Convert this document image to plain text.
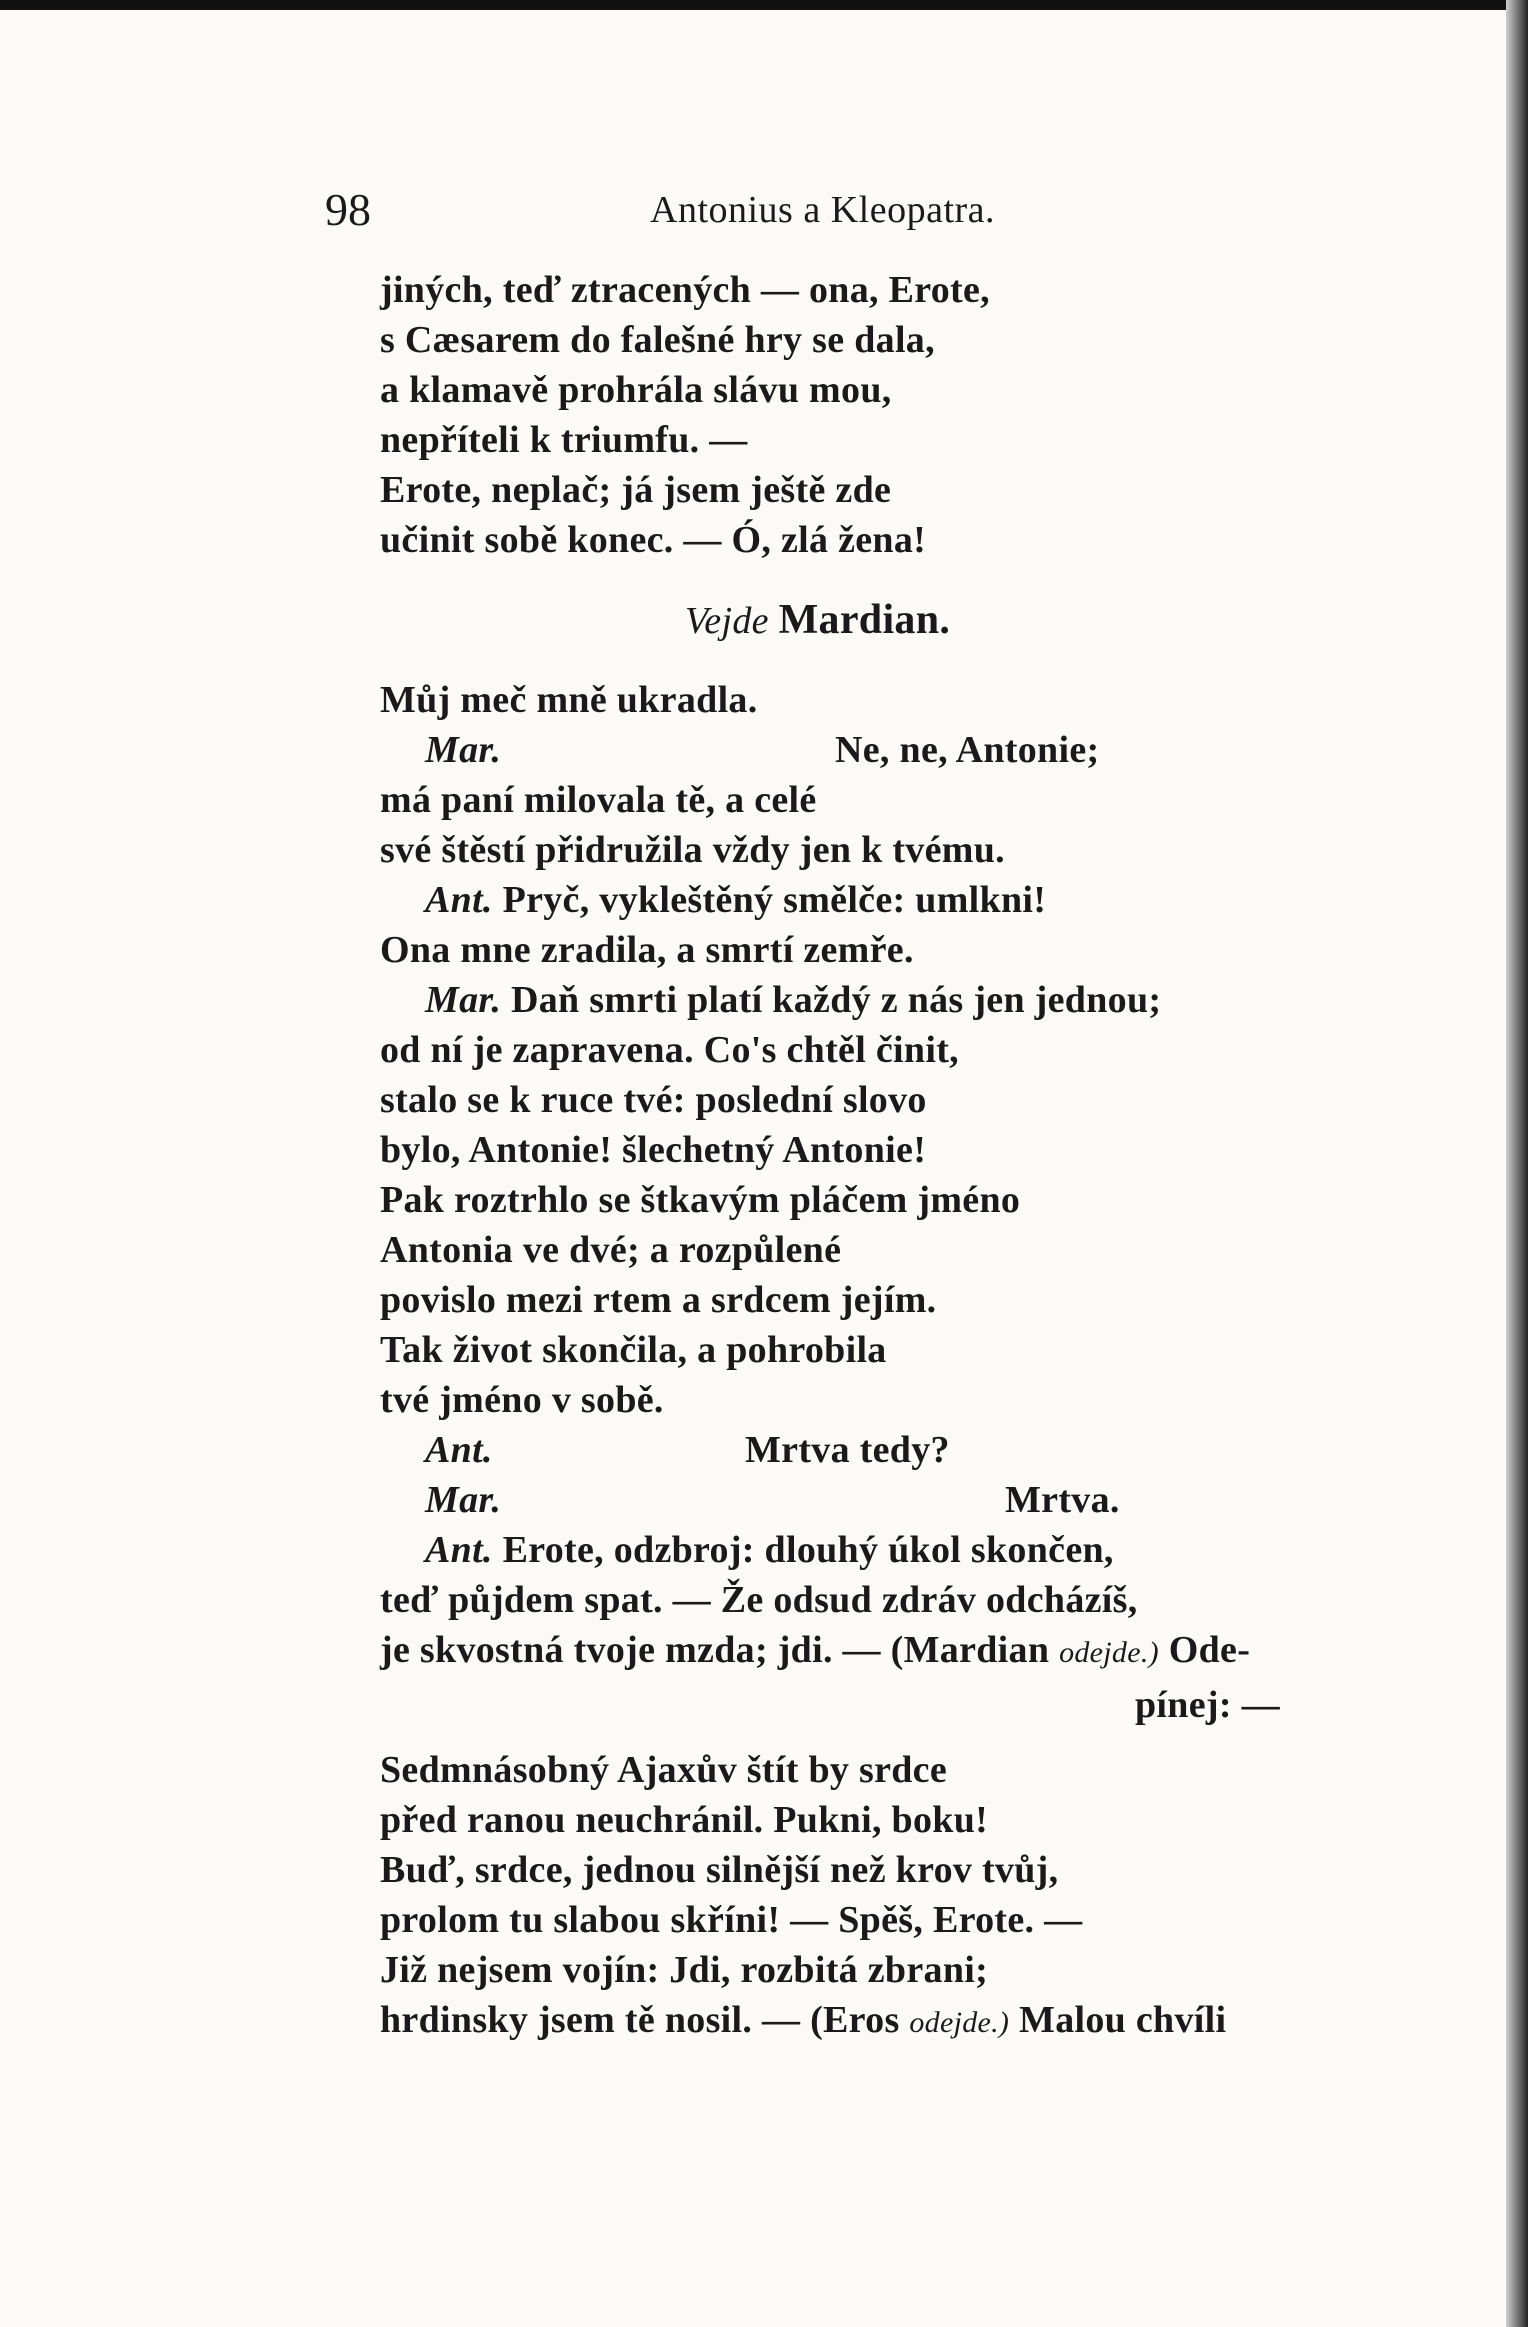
98	Antonius a Kleopatra.
jiných, teď ztracených — ona, Erote,
s Cæsarem do falešné hry se dala,
a klamavě prohrála slávu mou,
nepříteli k triumfu. —
Erote, neplač; já jsem ještě zde
učinit sobě konec. — Ó, zlá žena!
Vejde Mardian.
Můj meč mně ukradla.
Mar.	Ne, ne, Antonie;
má paní milovala tě, a celé
své štěstí přidružila vždy jen k tvému.
Ant. Pryč, vykleštěný smělče: umlkni!
Ona mne zradila, a smrtí zemře.
Mar. Daň smrti platí každý z nás jen jednou;
od ní je zapravena. Co's chtěl činit,
stalo se k ruce tvé: poslední slovo
bylo, Antonie! šlechetný Antonie!
Pak roztrhlo se štkavým pláčem jméno
Antonia ve dvé; a rozpůlené
povislo mezi rtem a srdcem jejím.
Tak život skončila, a pohrobila
tvé jméno v sobě.
Ant.	Mrtva tedy?
Mar.	Mrtva.
Ant. Erote, odzbroj: dlouhý úkol skončen,
teď půjdem spat. — Že odsud zdráv odcházíš,
je skvostná tvoje mzda; jdi. — (Mardian odejde.) Ode-
pínej: —
Sedmnásobný Ajaxův štít by srdce
před ranou neuchránil. Pukni, boku!
Buď, srdce, jednou silnější než krov tvůj,
prolom tu slabou skříni! — Spěš, Erote. —
Již nejsem vojín: Jdi, rozbitá zbrani;
hrdinsky jsem tě nosil. — (Eros odejde.) Malou chvíli
